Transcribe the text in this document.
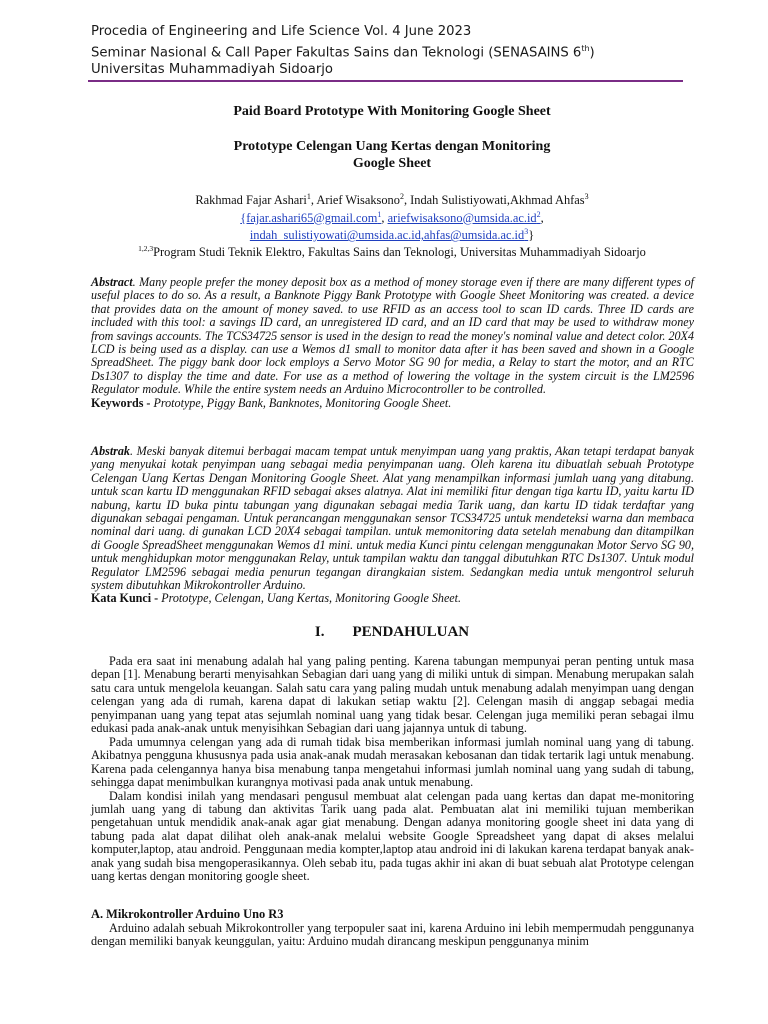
Procedia of Engineering and Life Science Vol. 4 June 2023
Seminar Nasional & Call Paper Fakultas Sains dan Teknologi (SENASAINS 6th)
Universitas Muhammadiyah Sidoarjo
Paid Board Prototype With Monitoring Google Sheet
Prototype Celengan Uang Kertas dengan Monitoring
Google Sheet
Rakhmad Fajar Ashari$^1$, Arief Wisaksono$^2$, Indah Sulistiyowati,Akhmad Ahfas$^3$
{fajar.ashari65@gmail.com$^1$, $ariefwisaksono@umsida.ac.id^2$,
$indah\_sulistiyowati@umsida.ac.id,ahfas@umsida.ac.id^3$}
$^{1,2,3}$Program Studi Teknik Elektro, Fakultas Sains dan Teknologi, Universitas Muhammadiyah Sidoarjo
Abstract. Many people prefer the money deposit box as a method of money storage even if there are many different types of useful places to do so. As a result, a Banknote Piggy Bank Prototype with Google Sheet Monitoring was created. a device that provides data on the amount of money saved. to use RFID as an access tool to scan ID cards. Three ID cards are included with this tool: a savings ID card, an unregistered ID card, and an ID card that may be used to withdraw money from savings accounts. The TCS34725 sensor is used in the design to read the money's nominal value and detect color. 20X4 LCD is being used as a display. can use a Wemos d1 small to monitor data after it has been saved and shown in a Google SpreadSheet. The piggy bank door lock employs a Servo Motor SG 90 for media, a Relay to start the motor, and an RTC Ds1307 to display the time and date. For use as a method of lowering the voltage in the system circuit is the LM2596 Regulator module. While the entire system needs an Arduino Microcontroller to be controlled.
Keywords - Prototype, Piggy Bank, Banknotes, Monitoring Google Sheet.
Abstrak. Meski banyak ditemui berbagai macam tempat untuk menyimpan uang yang praktis, Akan tetapi terdapat banyak yang menyukai kotak penyimpan uang sebagai media penyimpanan uang. Oleh karena itu dibuatlah sebuah Prototype Celengan Uang Kertas Dengan Monitoring Google Sheet. Alat yang menampilkan informasi jumlah uang yang ditabung. untuk scan kartu ID menggunakan RFID sebagai akses alatnya. Alat ini memiliki fitur dengan tiga kartu ID, yaitu kartu ID nabung, kartu ID buka pintu tabungan yang digunakan sebagai media Tarik uang, dan kartu ID tidak terdaftar yang digunakan sebagai pengaman. Untuk perancangan menggunakan sensor TCS34725 untuk mendeteksi warna dan membaca nominal dari uang. di gunakan LCD 20X4 sebagai tampilan. untuk memonitoring data setelah menabung dan ditampilkan di Google SpreadSheet menggunakan Wemos d1 mini. untuk media Kunci pintu celengan menggunakan Motor Servo SG 90, untuk menghidupkan motor menggunakan Relay, untuk tampilan waktu dan tanggal dibutuhkan RTC Ds1307. Untuk modul Regulator LM2596 sebagai media penurun tegangan dirangkaian sistem. Sedangkan media untuk mengontrol seluruh system dibutuhkan Mikrokontroller Arduino.
Kata Kunci - Prototype, Celengan, Uang Kertas, Monitoring Google Sheet.
I. PENDAHULUAN

Pada era saat ini menabung adalah hal yang paling penting. Karena tabungan mempunyai peran penting untuk masa depan [1]. Menabung berarti menyisahkan Sebagian dari uang yang di miliki untuk di simpan. Menabung merupakan salah satu cara untuk mengelola keuangan. Salah satu cara yang paling mudah untuk menabung adalah menyimpan uang dengan celengan yang ada di rumah, karena dapat di lakukan setiap waktu [2]. Celengan masih di anggap sebagai media penyimpanan uang yang tepat atas sejumlah nominal uang yang tidak besar. Celengan juga memiliki peran sebagai ilmu edukasi pada anak-anak untuk menyisihkan Sebagian dari uang jajannya untuk di tabung.

Pada umumnya celengan yang ada di rumah tidak bisa memberikan informasi jumlah nominal uang yang di tabung. Akibatnya pengguna khususnya pada usia anak-anak mudah merasakan kebosanan dan tidak tertarik lagi untuk menabung. Karena pada celengannya hanya bisa menabung tanpa mengetahui informasi jumlah nominal uang yang sudah di tabung, sehingga dapat menimbulkan kurangnya motivasi pada anak untuk menabung.

Dalam kondisi inilah yang mendasari pengusul membuat alat celengan pada uang kertas dan dapat me-monitoring jumlah uang yang di tabung dan aktivitas Tarik uang pada alat. Pembuatan alat ini memiliki tujuan memberikan pengetahuan untuk mendidik anak-anak agar giat menabung. Dengan adanya monitoring google sheet ini data yang di tabung pada alat dapat dilihat oleh anak-anak melalui website Google Spreadsheet yang dapat di akses melalui komputer,laptop, atau android. Penggunaan media kompter,laptop atau android ini di lakukan karena terdapat banyak anak-anak yang sudah bisa mengoperasikannya. Oleh sebab itu, pada tugas akhir ini akan di buat sebuah alat Prototype celengan uang kertas dengan monitoring google sheet.

A. Mikrokontroller Arduino Uno R3

Arduino adalah sebuah Mikrokontroller yang terpopuler saat ini, karena Arduino ini lebih mempermudah penggunanya dengan memiliki banyak keunggulan, yaitu: Arduino mudah dirancang meskipun penggunanya minim
